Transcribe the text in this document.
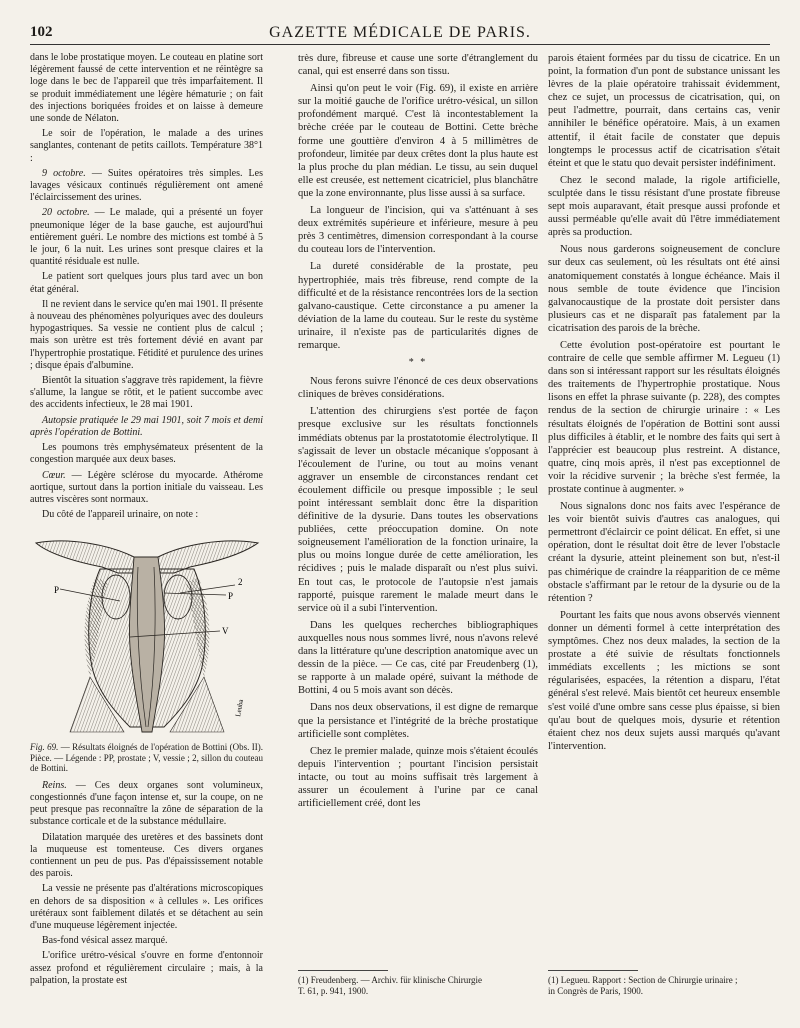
102	GAZETTE MÉDICALE DE PARIS.

dans le lobe prostatique moyen. Le couteau en platine sort légèrement faussé de cette intervention et ne réintègre sa loge dans le bec de l'appareil que très imparfaitement. Il se produit immédiatement une légère hématurie ; on fait des injections boriquées froides et on laisse à demeure une sonde de Nélaton.

Le soir de l'opération, le malade a des urines sanglantes, contenant de petits caillots. Température 38°1 :

9 octobre. — Suites opératoires très simples. Les lavages vésicaux continués régulièrement ont amené l'éclaircissement des urines.

20 octobre. — Le malade, qui a présenté un foyer pneumonique léger de la base gauche, est aujourd'hui entièrement guéri. Le nombre des mictions est tombé à 5 le jour, 6 la nuit. Les urines sont presque claires et la quantité résiduale est nulle.

Le patient sort quelques jours plus tard avec un bon état général.

Il ne revient dans le service qu'en mai 1901. Il présente à nouveau des phénomènes polyuriques avec des douleurs hypogastriques. Sa vessie ne contient plus de calcul ; mais son urètre est très fortement dévié en avant par l'hypertrophie prostatique. Fétidité et purulence des urines ; disque épais d'albumine.

Bientôt la situation s'aggrave très rapidement, la fièvre s'allume, la langue se rôtit, et le patient succombe avec des accidents infectieux, le 28 mai 1901.

Autopsie pratiquée le 29 mai 1901, soit 7 mois et demi après l'opération de Bottini.

Les poumons très emphysémateux présentent de la congestion marquée aux deux bases.

Cœur. — Légère sclérose du myocarde. Athérome aortique, surtout dans la portion initiale du vaisseau. Les autres viscères sont normaux.

Du côté de l'appareil urinaire, on note :

P
2
P
V
Leuba
Fig. 69. — Résultats éloignés de l'opération de Bottini (Obs. II). Pièce. — Légende : PP, prostate ; V, vessie ; 2, sillon du couteau de Bottini.

Reins. — Ces deux organes sont volumineux, congestionnés d'une façon intense et, sur la coupe, on ne peut presque pas reconnaître la zône de séparation de la substance corticale et de la substance médullaire.

Dilatation marquée des uretères et des bassinets dont la muqueuse est tomenteuse. Ces divers organes contiennent un peu de pus. Pas d'épaississement notable des parois.

La vessie ne présente pas d'altérations microscopiques en dehors de sa disposition « à cellules ». Les orifices urétéraux sont faiblement dilatés et se détachent au sein d'une muqueuse légèrement injectée.

Bas-fond vésical assez marqué.

L'orifice urétro-vésical s'ouvre en forme d'entonnoir assez profond et régulièrement circulaire ; mais, à la palpation, la prostate est

très dure, fibreuse et cause une sorte d'étranglement du canal, qui est enserré dans son tissu.

Ainsi qu'on peut le voir (Fig. 69), il existe en arrière sur la moitié gauche de l'orifice urétro-vésical, un sillon profondément marqué. C'est là incontestablement la brèche créée par le couteau de Bottini. Cette brèche forme une gouttière d'environ 4 à 5 millimètres de profondeur, limitée par deux crêtes dont la plus haute est la plus proche du plan médian. Le tissu, au sein duquel elle est creusée, est nettement cicatriciel, plus blanchâtre que la zone environnante, plus lisse aussi à sa surface.

La longueur de l'incision, qui va s'atténuant à ses deux extrémités supérieure et inférieure, mesure à peu près 3 centimètres, dimension correspondant à la course du couteau lors de l'intervention.

La dureté considérable de la prostate, peu hypertrophiée, mais très fibreuse, rend compte de la difficulté et de la résistance rencontrées lors de la section galvano-caustique. Cette circonstance a pu amener la déviation de la lame du couteau. Sur le reste du système urinaire, il n'existe pas de particularités dignes de remarque.

* *

Nous ferons suivre l'énoncé de ces deux observations cliniques de brèves considérations.

L'attention des chirurgiens s'est portée de façon presque exclusive sur les résultats fonctionnels immédiats obtenus par la prostatotomie électrolytique. Il s'agissait de lever un obstacle mécanique s'opposant à l'écoulement de l'urine, ou tout au moins venant aggraver un ensemble de circonstances rendant cet écoulement difficile ou presque impossible ; le seul point intéressant semblait donc être la disparition définitive de la dysurie. Dans toutes les observations publiées, cette préoccupation domine. On note soigneusement l'amélioration de la fonction urinaire, la plus ou moins longue durée de cette amélioration, les récidives ; puis le malade disparaît ou n'est plus suivi. En tout cas, le protocole de l'autopsie n'est jamais rapporté, puisque rarement le malade meurt dans le service où il a subi l'intervention.

Dans les quelques recherches bibliographiques auxquelles nous nous sommes livré, nous n'avons relevé dans la littérature qu'une description anatomique avec un dessin de la pièce. — Ce cas, cité par Freudenberg (1), se rapporte à un malade opéré, suivant la méthode de Bottini, 4 ou 5 mois avant son décès.

Dans nos deux observations, il est digne de remarque que la persistance et l'intégrité de la brèche prostatique artificielle sont complètes.

Chez le premier malade, quinze mois s'étaient écoulés depuis l'intervention ; pourtant l'incision persistait intacte, ou tout au moins suffisait très largement à assurer un écoulement à l'urine par ce canal artificiellement créé, dont les

(1) Freudenberg. — Archiv. für klinische Chirurgie
T. 61, p. 941, 1900.

parois étaient formées par du tissu de cicatrice. En un point, la formation d'un pont de substance unissant les lèvres de la plaie opératoire trahissait évidemment, chez ce sujet, un processus de cicatrisation, qui, on peut l'admettre, pourrait, dans certains cas, venir annihiler le bénéfice opératoire. Mais, à un examen attentif, il était facile de constater que depuis longtemps le processus actif de cicatrisation s'était éteint et que le statu quo devait persister indéfiniment.

Chez le second malade, la rigole artificielle, sculptée dans le tissu résistant d'une prostate fibreuse sept mois auparavant, était presque aussi profonde et aussi perméable qu'elle avait dû l'être immédiatement après sa production.

Nous nous garderons soigneusement de conclure sur deux cas seulement, où les résultats ont été ainsi anatomiquement constatés à longue échéance. Mais il nous semble de toute évidence que l'incision galvanocaustique de la prostate doit persister dans plusieurs cas et ne disparaît pas fatalement par la cicatrisation des parois de la brèche.

Cette évolution post-opératoire est pourtant le contraire de celle que semble affirmer M. Legueu (1) dans son si intéressant rapport sur les résultats éloignés des traitements de l'hypertrophie prostatique. Nous lisons en effet la phrase suivante (p. 228), des comptes rendus de la section de chirurgie urinaire : « Les résultats éloignés de l'opération de Bottini sont aussi plus difficiles à établir, et le nombre des faits qui sert à l'apprécier est beaucoup plus restreint. A distance, quatre, cinq mois après, il n'est pas exceptionnel de voir la récidive survenir ; la brèche s'est fermée, la prostate continue à augmenter. »

Nous signalons donc nos faits avec l'espérance de les voir bientôt suivis d'autres cas analogues, qui permettront d'éclaircir ce point délicat. En effet, si une opération, dont le résultat doit être de lever l'obstacle créant la dysurie, atteint pleinement son but, n'est-il pas chimérique de craindre la réapparition de ce même obstacle s'affirmant par le retour de la dysurie ou de la rétention ?

Pourtant les faits que nous avons observés viennent donner un démenti formel à cette interprétation des symptômes. Chez nos deux malades, la section de la prostate a été suivie de résultats fonctionnels immédiats excellents ; les mictions se sont régularisées, espacées, la rétention a disparu, l'état général s'est relevé. Mais bientôt cet heureux ensemble s'est voilé d'une ombre sans cesse plus épaisse, si bien qu'au bout de quelques mois, dysurie et rétention étaient chez nos deux sujets aussi marqués qu'avant l'intervention.

(1) Legueu. Rapport : Section de Chirurgie urinaire ;
in Congrès de Paris, 1900.
